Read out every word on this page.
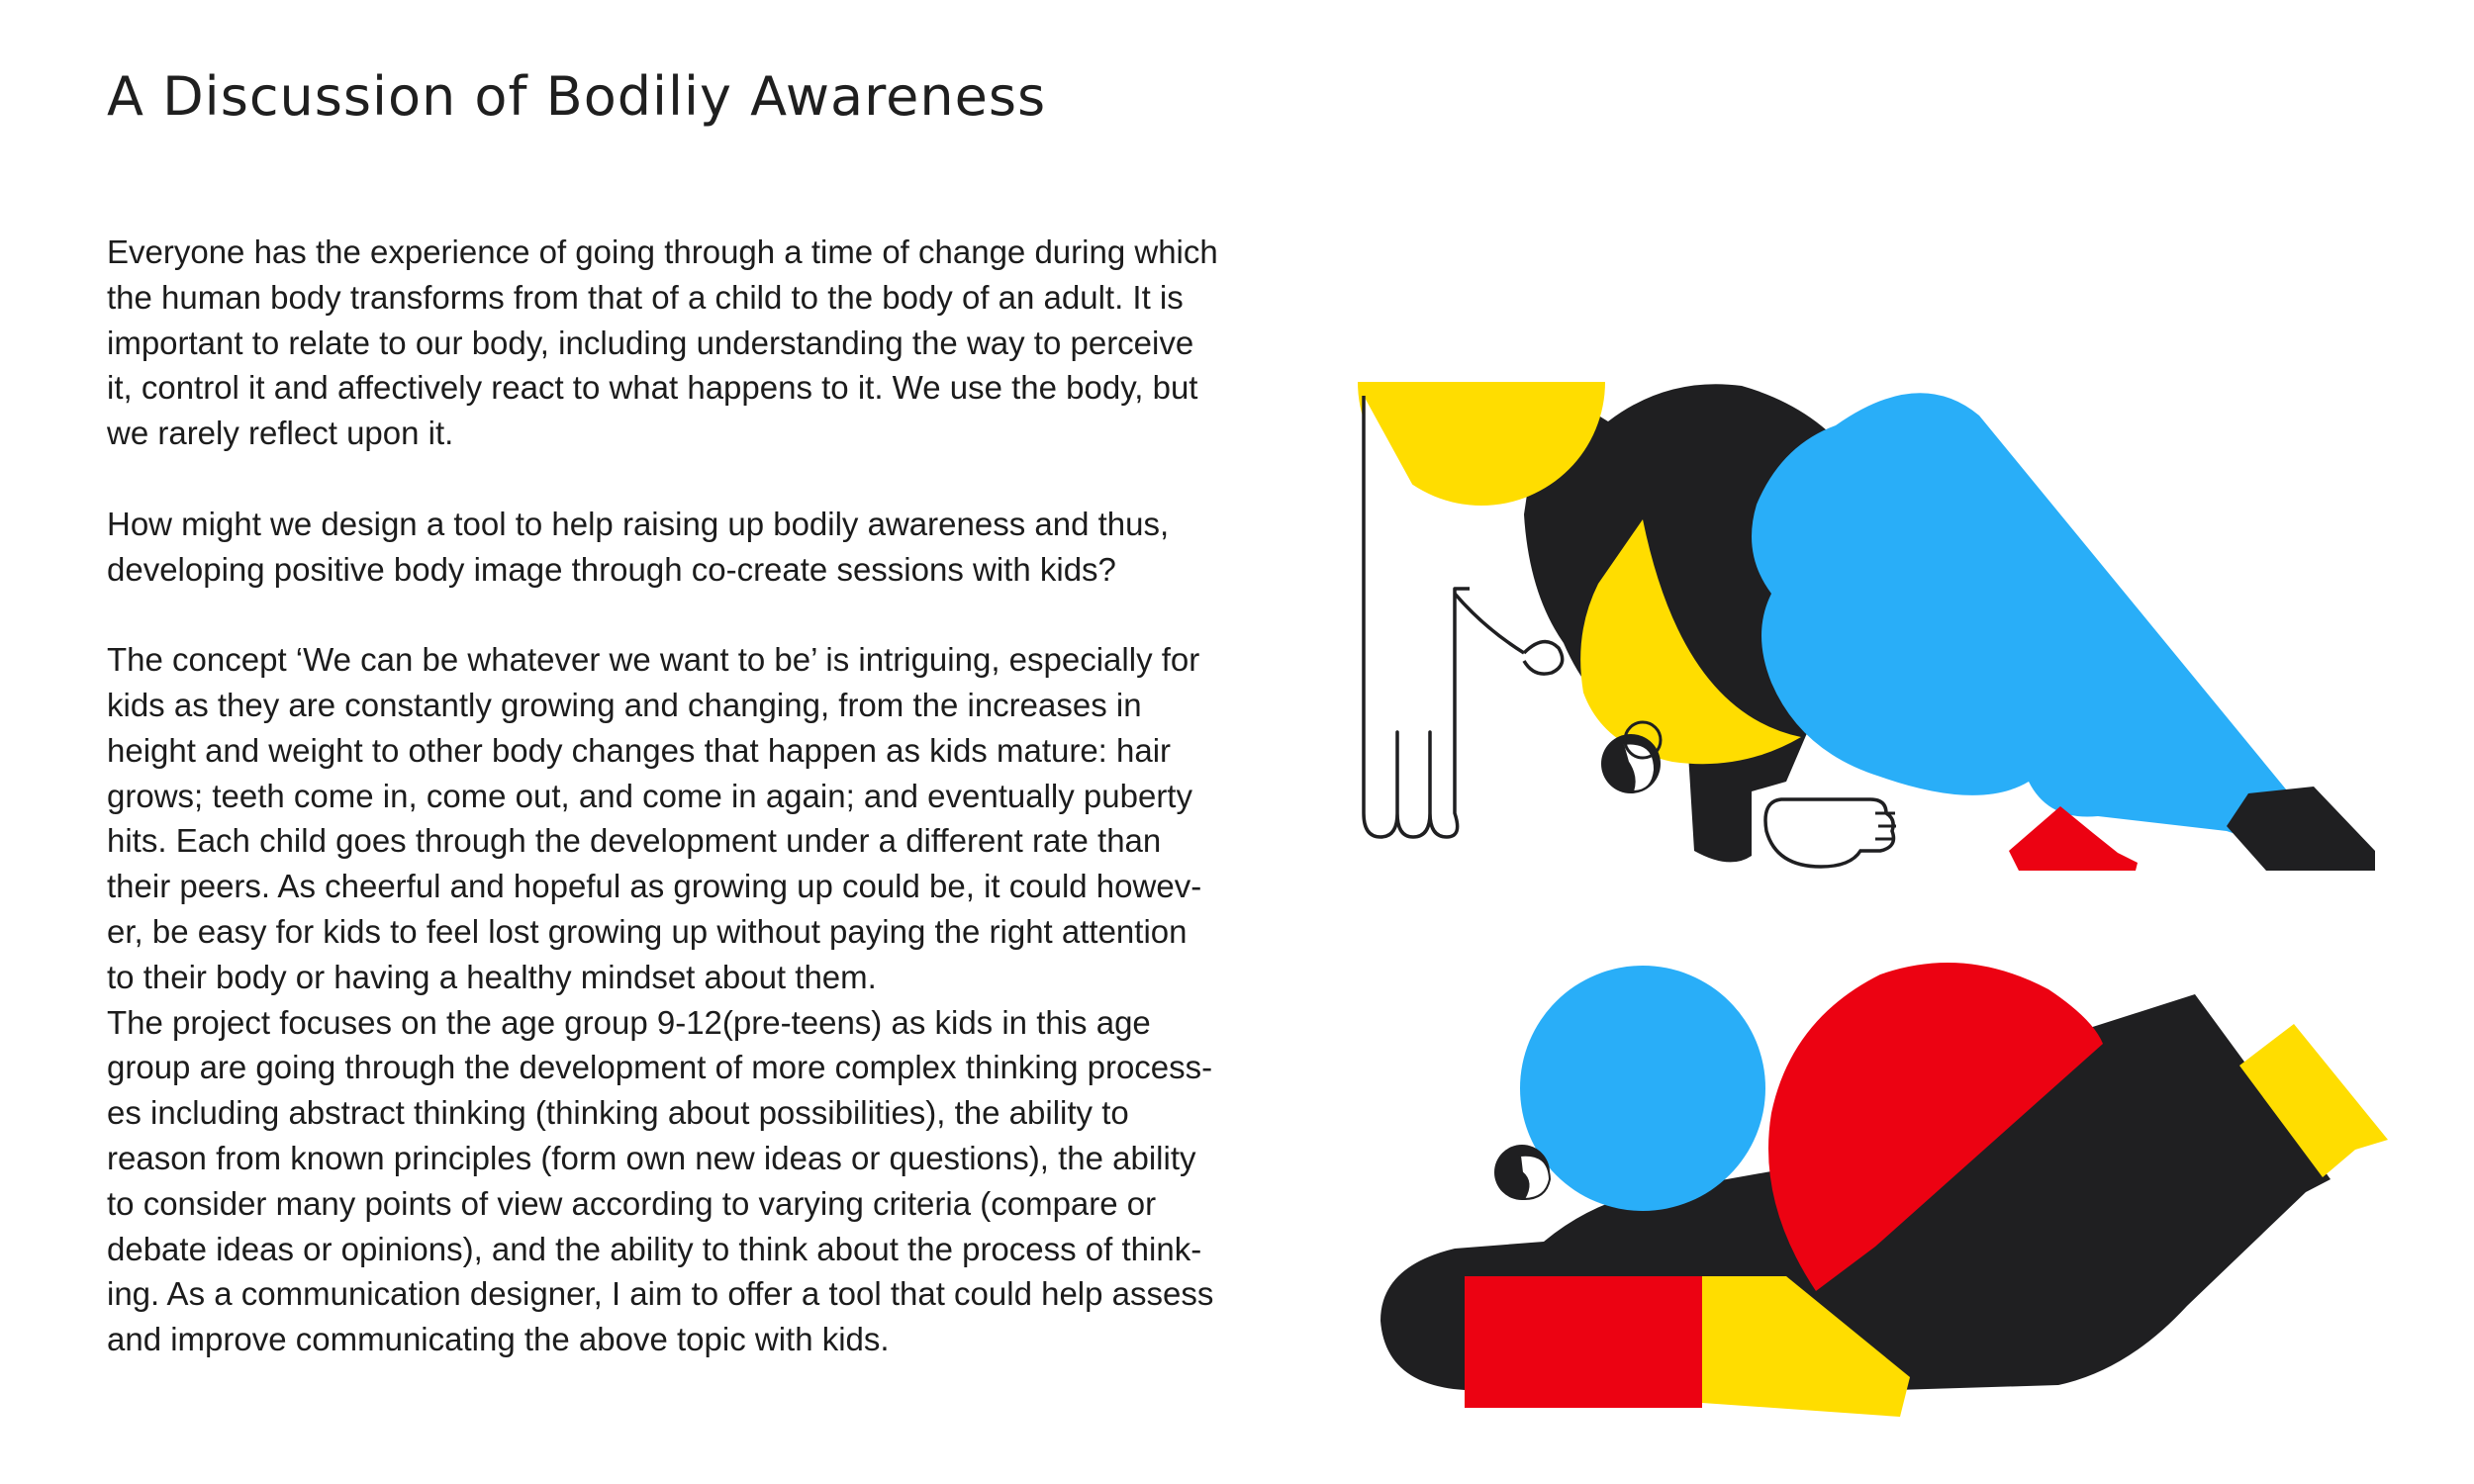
A Discussion of Bodiliy Awareness

Everyone has the experience of going through a time of change during which
the human body transforms from that of a child to the body of an adult. It is
important to relate to our body, including understanding the way to perceive
it, control it and affectively react to what happens to it. We use the body, but
we rarely reflect upon it.

How might we design a tool to help raising up bodily awareness and thus,
developing positive body image through co-create sessions with kids?

The concept ‘We can be whatever we want to be’ is intriguing, especially for
kids as they are constantly growing and changing, from the increases in
height and weight to other body changes that happen as kids mature: hair
grows; teeth come in, come out, and come in again; and eventually puberty
hits. Each child goes through the development under a different rate than
their peers. As cheerful and hopeful as growing up could be, it could howev-
er, be easy for kids to feel lost growing up without paying the right attention
to their body or having a healthy mindset about them.

The project focuses on the age group 9-12(pre-teens) as kids in this age
group are going through the development of more complex thinking process-
es including abstract thinking (thinking about possibilities), the ability to
reason from known principles (form own new ideas or questions), the ability
to consider many points of view according to varying criteria (compare or
debate ideas or opinions), and the ability to think about the process of think-
ing. As a communication designer, I aim to offer a tool that could help assess
and improve communicating the above topic with kids.
